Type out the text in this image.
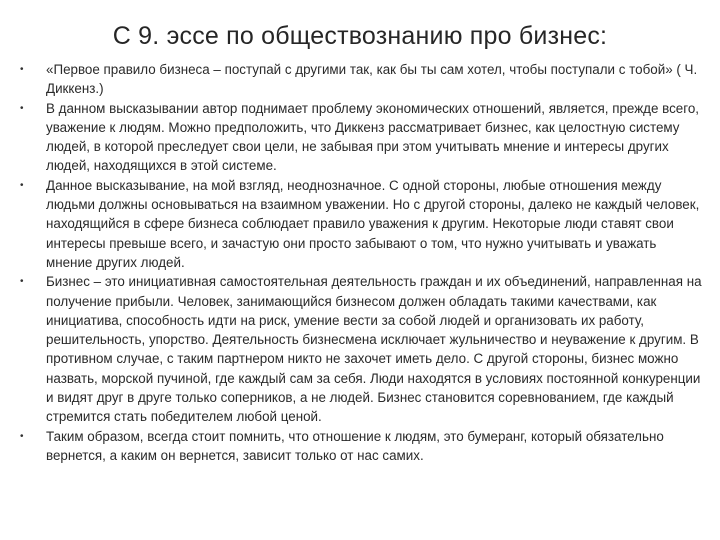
С 9. эссе по обществознанию про бизнес:
• «Первое правило бизнеса – поступай с другими так, как бы ты сам хотел, чтобы поступали с тобой» ( Ч. Диккенз.)
• В данном высказывании автор поднимает проблему экономических отношений, является, прежде всего, уважение к людям. Можно предположить, что Диккенз рассматривает бизнес, как целостную систему людей, в которой преследует свои цели, не забывая при этом учитывать мнение и интересы других людей, находящихся в этой системе.
• Данное высказывание, на мой взгляд, неоднозначное. С одной стороны, любые отношения между людьми должны основываться на взаимном уважении. Но с другой стороны, далеко не каждый человек, находящийся в сфере бизнеса соблюдает правило уважения к другим. Некоторые люди ставят свои интересы превыше всего, и зачастую они просто забывают о том, что нужно учитывать и уважать мнение других людей.
• Бизнес – это инициативная самостоятельная деятельность граждан и их объединений, направленная на получение прибыли. Человек, занимающийся бизнесом должен обладать такими качествами, как инициатива, способность идти на риск, умение вести за собой людей и организовать их работу, решительность, упорство. Деятельность бизнесмена исключает жульничество и неуважение к другим. В противном случае, с таким партнером никто не захочет иметь дело. С другой стороны, бизнес можно назвать, морской пучиной, где каждый сам за себя. Люди находятся в условиях постоянной конкуренции и видят друг в друге только соперников, а не людей. Бизнес становится соревнованием, где каждый стремится стать победителем любой ценой.
• Таким образом, всегда стоит помнить, что отношение к людям, это бумеранг, который обязательно вернется, а каким он вернется, зависит только от нас самих.
